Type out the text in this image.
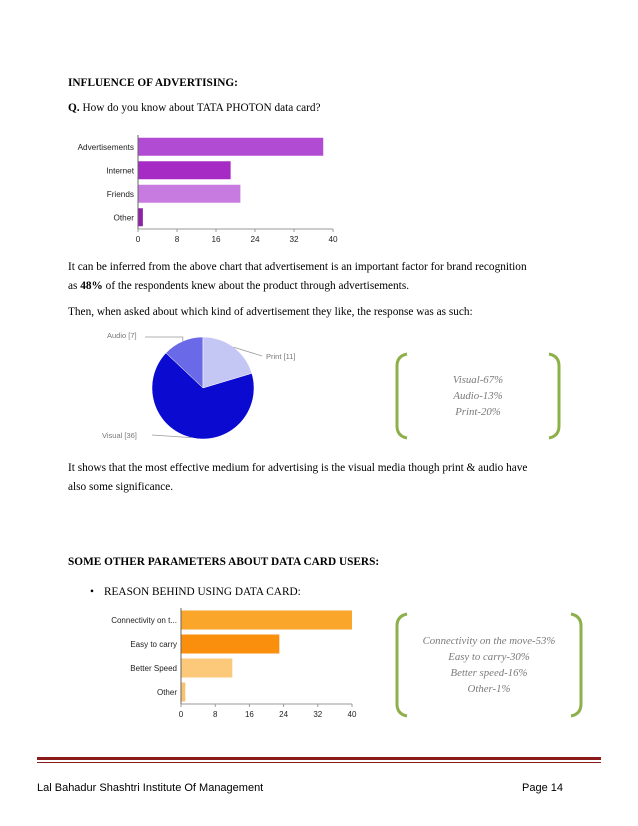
INFLUENCE OF ADVERTISING:
Q. How do you know about TATA PHOTON data card?
Advertisements
Internet
Friends
Other
0	8	16	24	32	40
It can be inferred from the above chart that advertisement is an important factor for brand recognition as 48% of the respondents knew about the product through advertisements.
Then, when asked about which kind of advertisement they like, the response was as such:
Audio [7]
Print [11]
Visual [36]
Visual-67%
Audio-13%
Print-20%
It shows that the most effective medium for advertising is the visual media though print & audio have also some significance.
SOME OTHER PARAMETERS ABOUT DATA CARD USERS:
• REASON BEHIND USING DATA CARD:
Connectivity on t...
Easy to carry
Better Speed
Other
0	8	16	24	32	40
Connectivity on the move-53%
Easy to carry-30%
Better speed-16%
Other-1%
Lal Bahadur Shashtri Institute Of Management	Page 14
